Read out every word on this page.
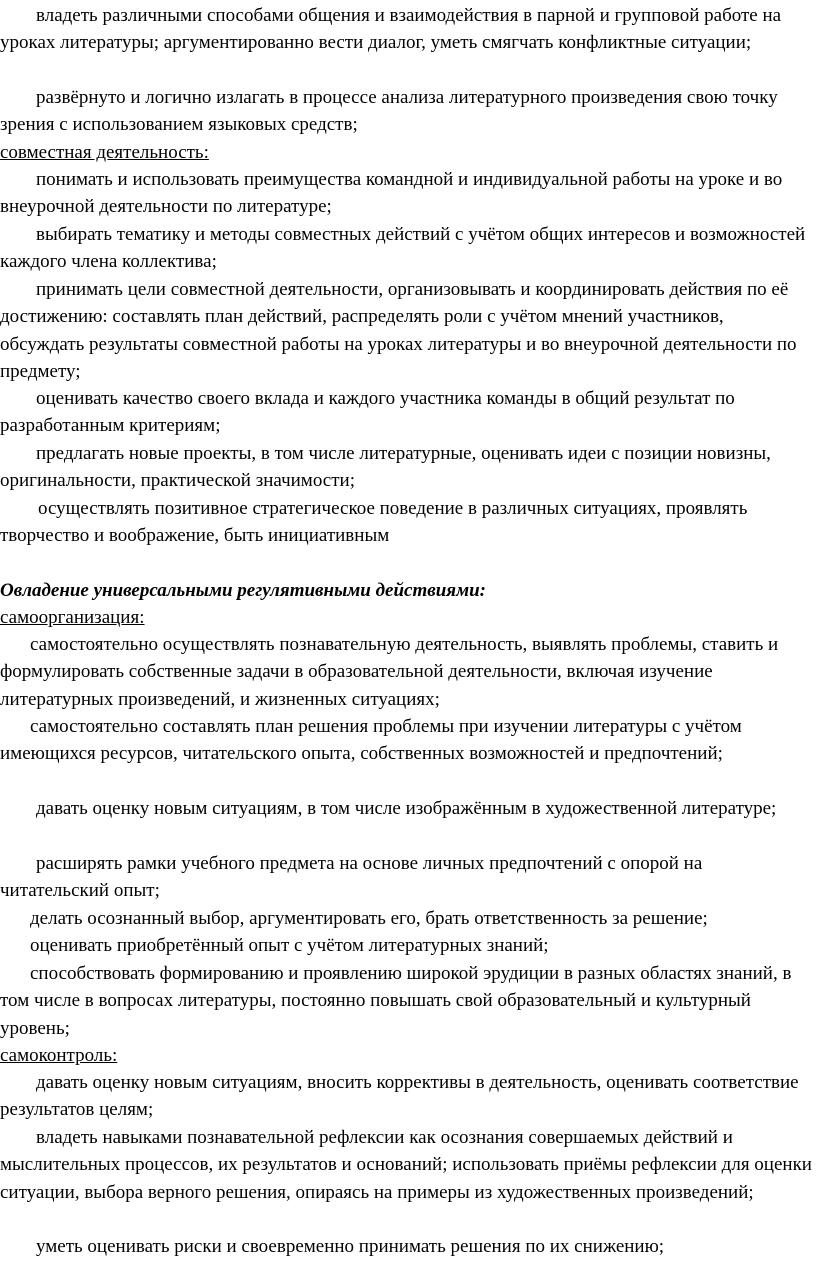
владеть различными способами общения и взаимодействия в парной и групповой работе на уроках литературы; аргументированно вести диалог, уметь смягчать конфликтные ситуации;

развёрнуто и логично излагать в процессе анализа литературного произведения свою точку зрения с использованием языковых средств;

совместная деятельность:

понимать и использовать преимущества командной и индивидуальной работы на уроке и во внеурочной деятельности по литературе;

выбирать тематику и методы совместных действий с учётом общих интересов и возможностей каждого члена коллектива;

принимать цели совместной деятельности, организовывать и координировать действия по её достижению: составлять план действий, распределять роли с учётом мнений участников, обсуждать результаты совместной работы на уроках литературы и во внеурочной деятельности по предмету;

оценивать качество своего вклада и каждого участника команды в общий результат по разработанным критериям;

предлагать новые проекты, в том числе литературные, оценивать идеи с позиции новизны, оригинальности, практической значимости;

осуществлять позитивное стратегическое поведение в различных ситуациях, проявлять творчество и воображение, быть инициативным

Овладение универсальными регулятивными действиями:

самоорганизация:

самостоятельно осуществлять познавательную деятельность, выявлять проблемы, ставить и формулировать собственные задачи в образовательной деятельности, включая изучение литературных произведений, и жизненных ситуациях;

самостоятельно составлять план решения проблемы при изучении литературы с учётом имеющихся ресурсов, читательского опыта, собственных возможностей и предпочтений;

давать оценку новым ситуациям, в том числе изображённым в художественной литературе;

расширять рамки учебного предмета на основе личных предпочтений с опорой на читательский опыт;

делать осознанный выбор, аргументировать его, брать ответственность за решение;

оценивать приобретённый опыт с учётом литературных знаний;

способствовать формированию и проявлению широкой эрудиции в разных областях знаний, в том числе в вопросах литературы, постоянно повышать свой образовательный и культурный уровень;

самоконтроль:

давать оценку новым ситуациям, вносить коррективы в деятельность, оценивать соответствие результатов целям;

владеть навыками познавательной рефлексии как осознания совершаемых действий и мыслительных процессов, их результатов и оснований; использовать приёмы рефлексии для оценки ситуации, выбора верного решения, опираясь на примеры из художественных произведений;

уметь оценивать риски и своевременно принимать решения по их снижению;
